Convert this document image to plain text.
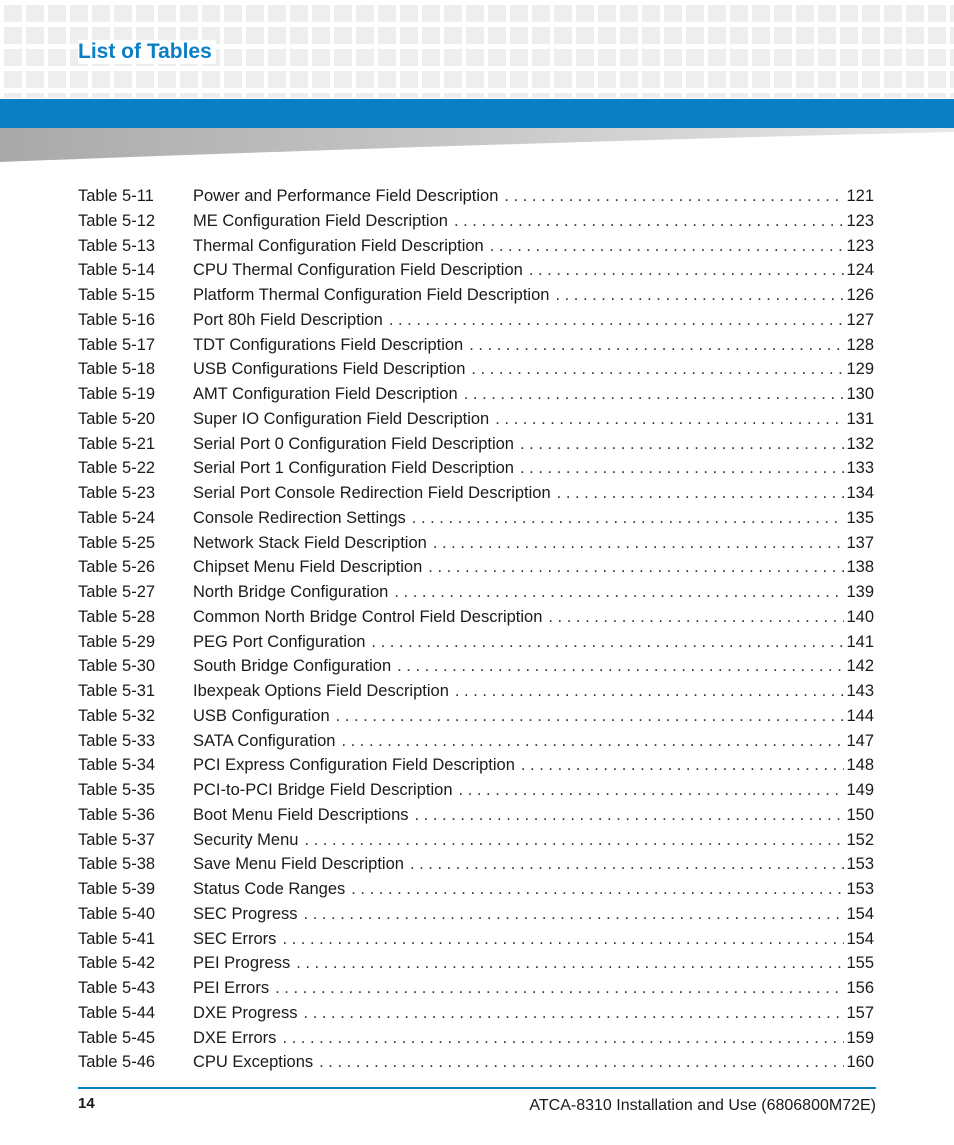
List of Tables
Table 5-11	Power and Performance Field Description . . .	121
Table 5-12	ME Configuration Field Description . . .	123
Table 5-13	Thermal Configuration Field Description . . .	123
Table 5-14	CPU Thermal Configuration Field Description . . .	124
Table 5-15	Platform Thermal Configuration Field Description . . .	126
Table 5-16	Port 80h Field Description . . .	127
Table 5-17	TDT Configurations Field Description . . .	128
Table 5-18	USB Configurations Field Description . . .	129
Table 5-19	AMT Configuration Field Description . . .	130
Table 5-20	Super IO Configuration Field Description . . .	131
Table 5-21	Serial Port 0 Configuration Field Description . . .	132
Table 5-22	Serial Port 1 Configuration Field Description . . .	133
Table 5-23	Serial Port Console Redirection Field Description . . .	134
Table 5-24	Console Redirection Settings . . .	135
Table 5-25	Network Stack Field Description . . .	137
Table 5-26	Chipset Menu Field Description . . .	138
Table 5-27	North Bridge Configuration . . .	139
Table 5-28	Common North Bridge Control Field Description . . .	140
Table 5-29	PEG Port Configuration . . .	141
Table 5-30	South Bridge Configuration . . .	142
Table 5-31	Ibexpeak Options Field Description . . .	143
Table 5-32	USB Configuration . . .	144
Table 5-33	SATA Configuration . . .	147
Table 5-34	PCI Express Configuration Field Description . . .	148
Table 5-35	PCI-to-PCI Bridge Field Description . . .	149
Table 5-36	Boot Menu Field Descriptions . . .	150
Table 5-37	Security Menu . . .	152
Table 5-38	Save Menu Field Description . . .	153
Table 5-39	Status Code Ranges . . .	153
Table 5-40	SEC Progress . . .	154
Table 5-41	SEC Errors . . .	154
Table 5-42	PEI Progress . . .	155
Table 5-43	PEI Errors . . .	156
Table 5-44	DXE Progress . . .	157
Table 5-45	DXE Errors . . .	159
Table 5-46	CPU Exceptions . . .	160
14	ATCA-8310 Installation and Use (6806800M72E)
